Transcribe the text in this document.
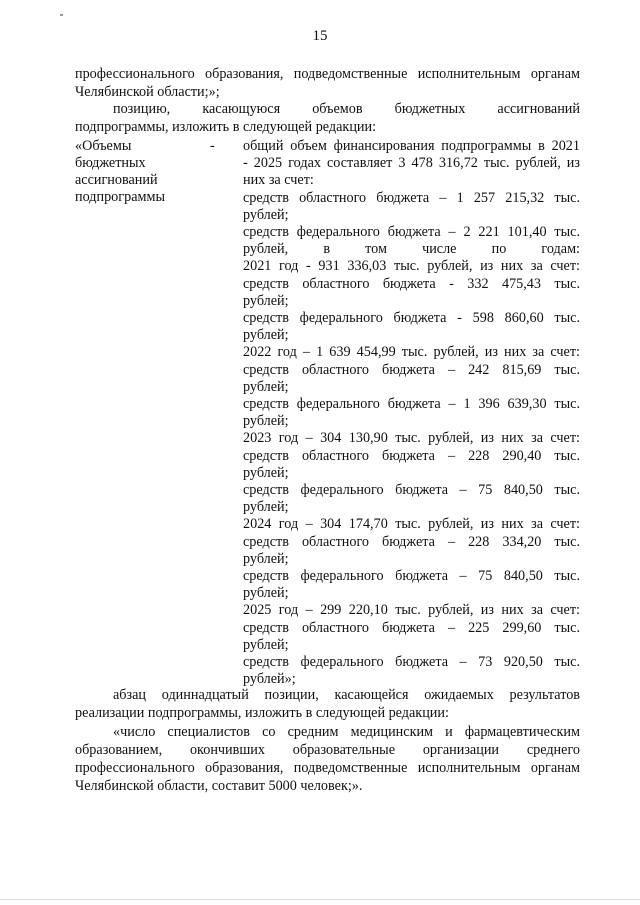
15
профессионального образования, подведомственные исполнительным органам
Челябинской области;»;
позицию, касающуюся объемов бюджетных ассигнований
подпрограммы, изложить в следующей редакции:
«Объемы
бюджетных
ассигнований
подпрограммы
- общий объем финансирования подпрограммы в 2021
- 2025 годах составляет 3 478 316,72 тыс. рублей, из
них за счет:
средств областного бюджета – 1 257 215,32 тыс.
рублей;
средств федерального бюджета – 2 221 101,40 тыс.
рублей, в том числе по годам:
2021 год - 931 336,03 тыс. рублей, из них за счет:
средств областного бюджета - 332 475,43 тыс.
рублей;
средств федерального бюджета - 598 860,60 тыс.
рублей;
2022 год – 1 639 454,99 тыс. рублей, из них за счет:
средств областного бюджета – 242 815,69 тыс.
рублей;
средств федерального бюджета – 1 396 639,30 тыс.
рублей;
2023 год – 304 130,90 тыс. рублей, из них за счет:
средств областного бюджета – 228 290,40 тыс.
рублей;
средств федерального бюджета – 75 840,50 тыс.
рублей;
2024 год – 304 174,70 тыс. рублей, из них за счет:
средств областного бюджета – 228 334,20 тыс.
рублей;
средств федерального бюджета – 75 840,50 тыс.
рублей;
2025 год – 299 220,10 тыс. рублей, из них за счет:
средств областного бюджета – 225 299,60 тыс.
рублей;
средств федерального бюджета – 73 920,50 тыс.
рублей»;
абзац одиннадцатый позиции, касающейся ожидаемых результатов
реализации подпрограммы, изложить в следующей редакции:
«число специалистов со средним медицинским и фармацевтическим
образованием, окончивших образовательные организации среднего
профессионального образования, подведомственные исполнительным органам
Челябинской области, составит 5000 человек;».
